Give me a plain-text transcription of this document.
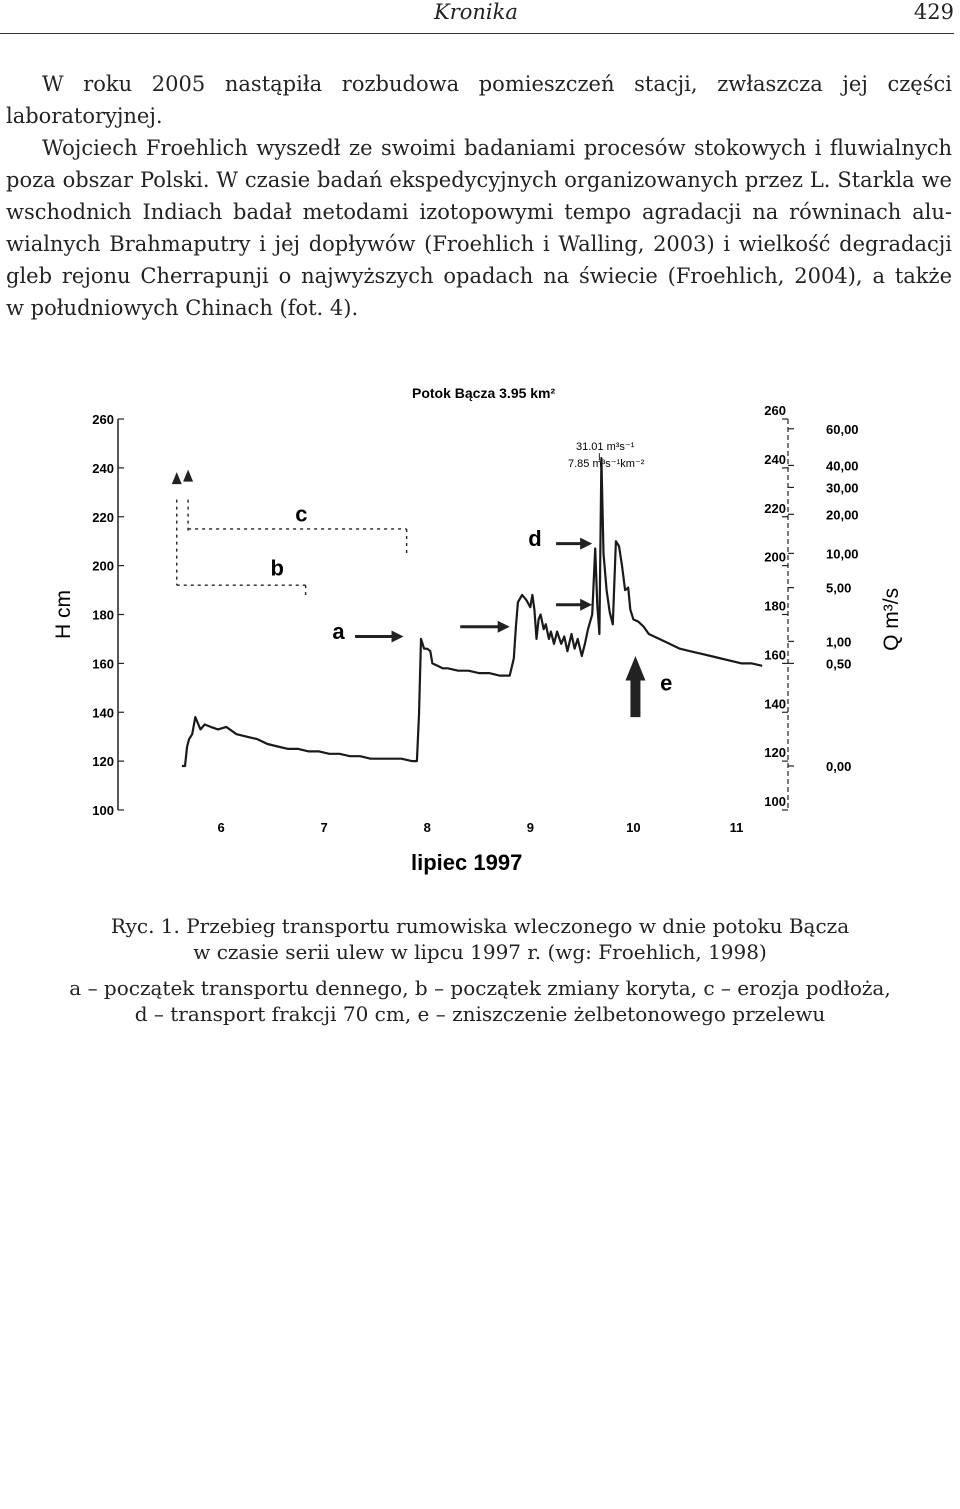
Kronika	429
W roku 2005 nastąpiła rozbudowa pomieszczeń stacji, zwłaszcza jej części
laboratoryjnej.
Wojciech Froehlich wyszedł ze swoimi badaniami procesów stokowych i fluwialnych
poza obszar Polski. W czasie badań ekspedycyjnych organizowanych przez L. Starkla we
wschodnich Indiach badał metodami izotopowymi tempo agradacji na równinach alu-
wialnych Brahmaputry i jej dopływów (Froehlich i Walling, 2003) i wielkość degradacji
gleb rejonu Cherrapunji o najwyższych opadach na świecie (Froehlich, 2004), a także
w południowych Chinach (fot. 4).
Potok Bącza 3.95 km²
H cm	Q m³/s
lipiec 1997
31.01 m³s⁻¹
7.85 m³s⁻¹km⁻²
100
100
120
120
140
140
160
160
180
180
200
200
220
220
240
240
260
260
6	7	8	9	10	11
60,00
40,00
30,00
20,00
10,00
5,00
1,00
0,50
0,00
c
b
a
d
e
Ryc. 1. Przebieg transportu rumowiska wleczonego w dnie potoku Bącza
w czasie serii ulew w lipcu 1997 r. (wg: Froehlich, 1998)
a – początek transportu dennego, b – początek zmiany koryta, c – erozja podłoża,
d – transport frakcji 70 cm, e – zniszczenie żelbetonowego przelewu
